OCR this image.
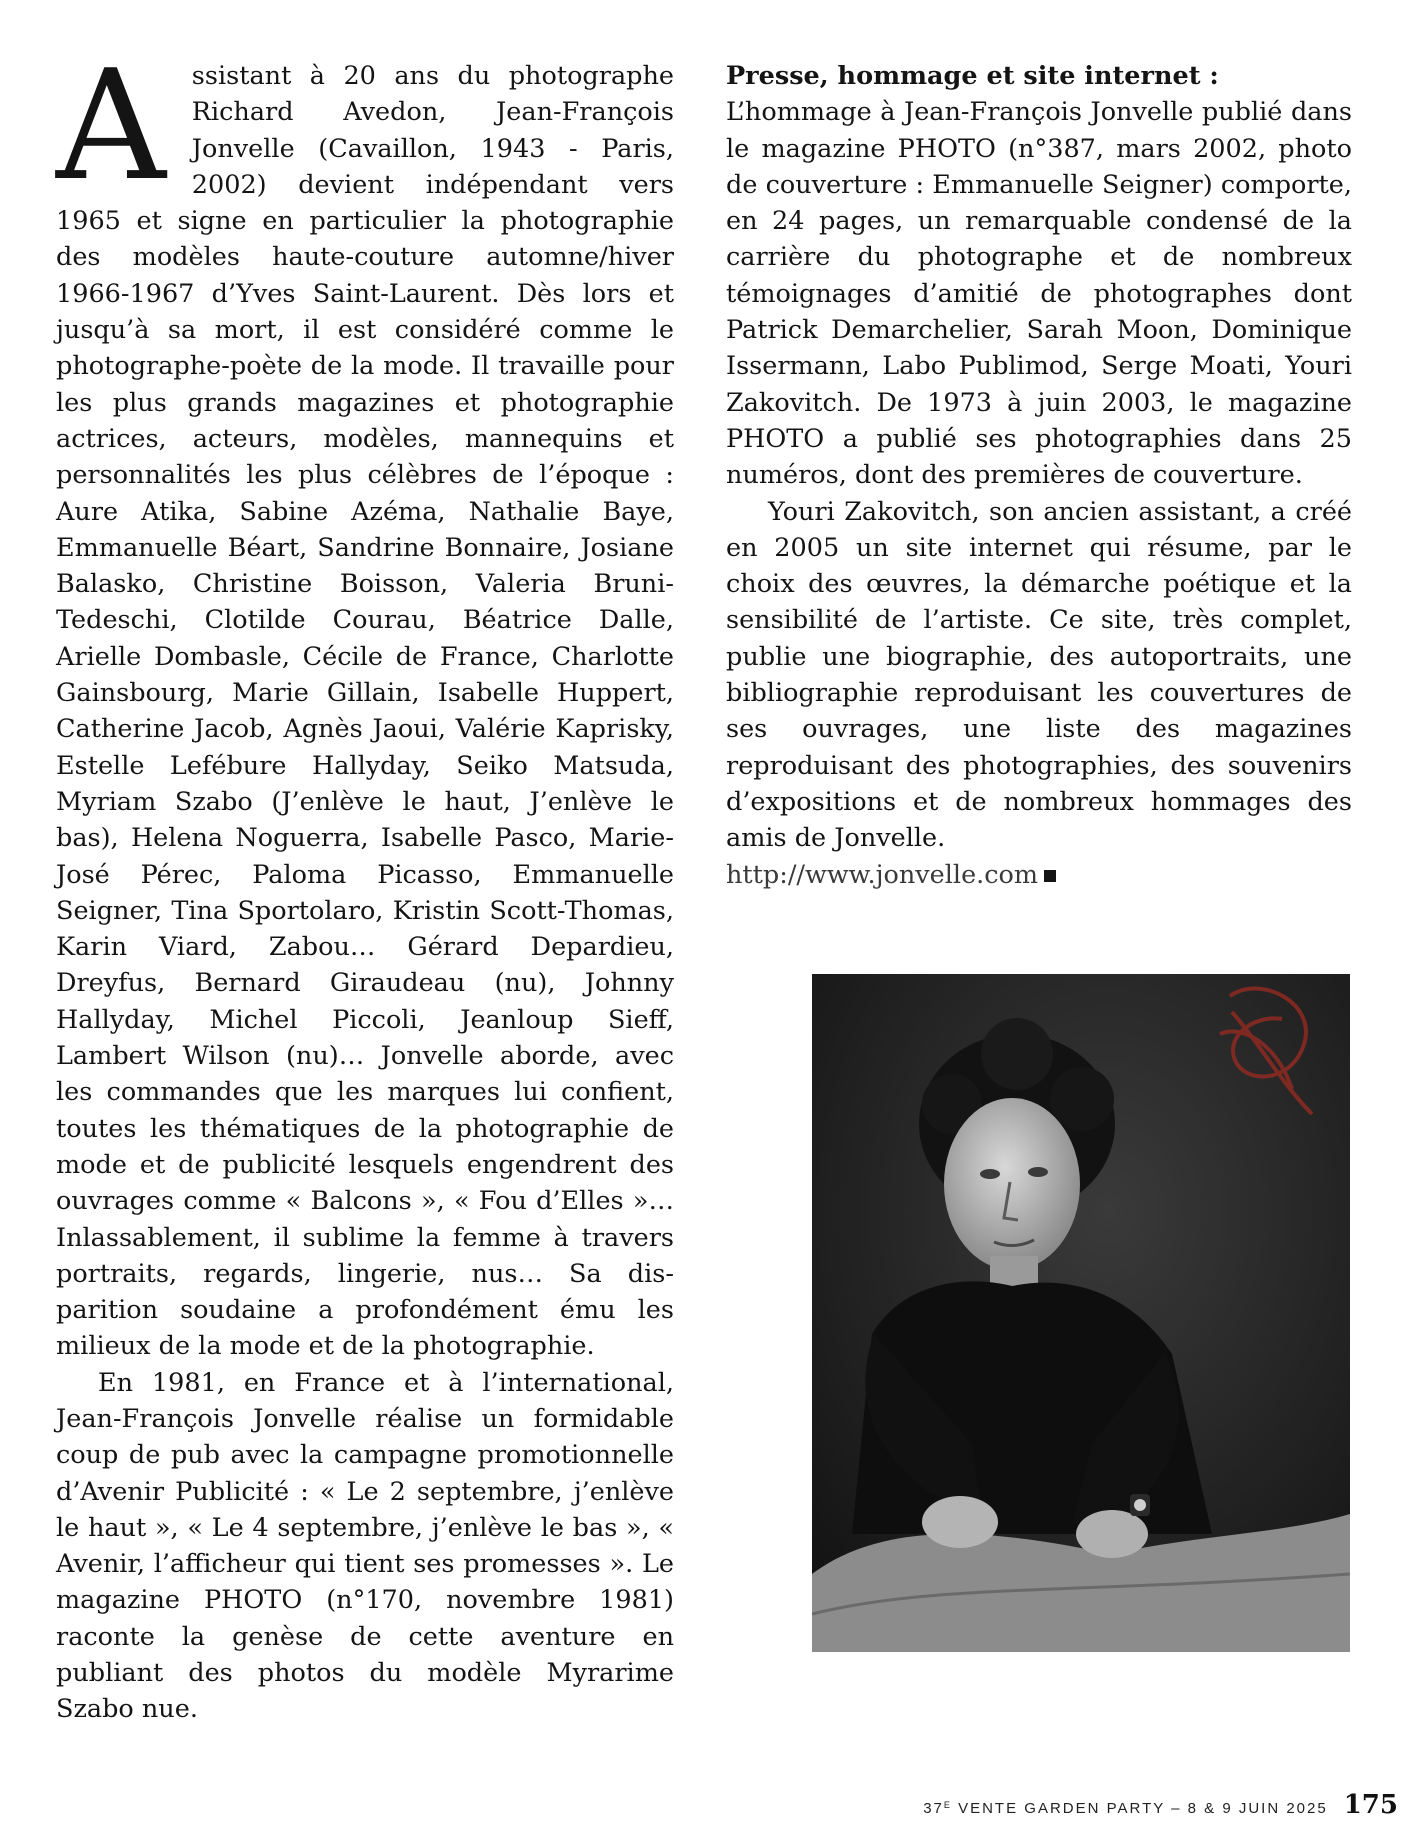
A ssistant à 20 ans du photographe Richard Avedon, Jean-François Jonvelle (Cavaillon, 1943 - Paris, 2002) devient indépendant vers 1965 et signe en particulier la photographie des modèles haute-couture automne/hiver 1966-1967 d’Yves Saint-Laurent. Dès lors et jusqu’à sa mort, il est considéré comme le photographe-poète de la mode. Il travaille pour les plus grands magazines et photographie actrices, acteurs, modèles, mannequins et personnalités les plus célèbres de l’époque : Aure Atika, Sabine Azéma, Nathalie Baye, Emmanuelle Béart, Sandrine Bonnaire, Josiane Balasko, Christine Boisson, Valeria Bruni-Tedeschi, Clotilde Courau, Béatrice Dalle, Arielle Dombasle, Cécile de France, Charlotte Gainsbourg, Marie Gillain, Isabelle Huppert, Catherine Jacob, Agnès Jaoui, Valérie Kaprisky, Estelle Lefébure Hallyday, Seiko Matsuda, Myriam Szabo (J’enlève le haut, J’enlève le bas), Helena Noguerra, Isabelle Pasco, Marie-José Pérec, Paloma Picasso, Emmanuelle Seigner, Tina Sportolaro, Kristin Scott-Thomas, Karin Viard, Zabou… Gérard Depardieu, Dreyfus, Bernard Giraudeau (nu), Johnny Hallyday, Michel Piccoli, Jeanloup Sieff, Lambert Wilson (nu)… Jonvelle aborde, avec les commandes que les marques lui confient, toutes les thématiques de la photographie de mode et de publicité lesquels engendrent des ouvrages comme « Balcons », « Fou d’Elles »… Inlassablement, il sublime la femme à travers portraits, regards, lingerie, nus… Sa disparition soudaine a profondément ému les milieux de la mode et de la photographie.

En 1981, en France et à l’international, Jean-François Jonvelle réalise un formidable coup de pub avec la campagne promotionnelle d’Avenir Publicité : « Le 2 septembre, j’enlève le haut », « Le 4 septembre, j’enlève le bas », « Avenir, l’afficheur qui tient ses promesses ». Le magazine PHOTO (n°170, novembre 1981) raconte la genèse de cette aventure en publiant des photos du modèle Myrarime Szabo nue.

Presse, hommage et site internet :

L’hommage à Jean-François Jonvelle publié dans le magazine PHOTO (n°387, mars 2002, photo de couverture : Emmanuelle Seigner) comporte, en 24 pages, un remarquable condensé de la carrière du photographe et de nombreux témoignages d’amitié de photographes dont Patrick Demarchelier, Sarah Moon, Dominique Issermann, Labo Publimod, Serge Moati, Youri Zakovitch. De 1973 à juin 2003, le magazine PHOTO a publié ses photographies dans 25 numéros, dont des premières de couverture.

Youri Zakovitch, son ancien assistant, a créé en 2005 un site internet qui résume, par le choix des œuvres, la démarche poétique et la sensibilité de l’artiste. Ce site, très complet, publie une biographie, des autoportraits, une bibliographie reproduisant les couvertures de ses ouvrages, une liste des magazines reproduisant des photographies, des souvenirs d’expositions et de nombreux hommages des amis de Jonvelle.
http://www.jonvelle.com

$37^E$ VENTE GARDEN PARTY – 8 & 9 JUIN 2025 175
